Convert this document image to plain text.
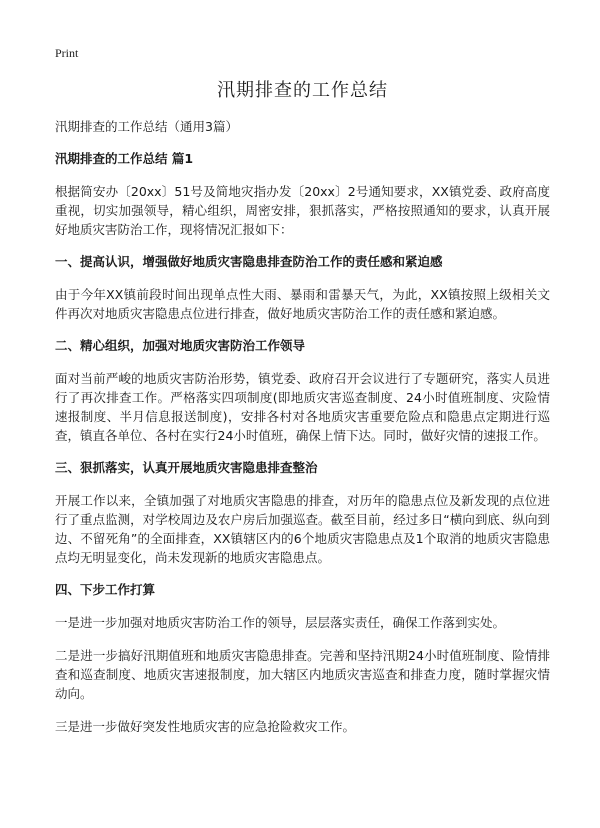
Print
汛期排查的工作总结

汛期排查的工作总结（通用3篇）

汛期排查的工作总结 篇1

根据简安办〔20xx〕51号及简地灾指办发〔20xx〕2号通知要求，XX镇党委、政府高度重视，切实加强领导，精心组织，周密安排，狠抓落实，严格按照通知的要求，认真开展好地质灾害防治工作，现将情况汇报如下：

一、提高认识，增强做好地质灾害隐患排查防治工作的责任感和紧迫感

由于今年XX镇前段时间出现单点性大雨、暴雨和雷暴天气，为此，XX镇按照上级相关文件再次对地质灾害隐患点位进行排查，做好地质灾害防治工作的责任感和紧迫感。

二、精心组织，加强对地质灾害防治工作领导

面对当前严峻的地质灾害防治形势，镇党委、政府召开会议进行了专题研究，落实人员进行了再次排查工作。严格落实四项制度(即地质灾害巡查制度、24小时值班制度、灾险情速报制度、半月信息报送制度)，安排各村对各地质灾害重要危险点和隐患点定期进行巡查，镇直各单位、各村在实行24小时值班，确保上情下达。同时，做好灾情的速报工作。

三、狠抓落实，认真开展地质灾害隐患排查整治

开展工作以来，全镇加强了对地质灾害隐患的排查，对历年的隐患点位及新发现的点位进行了重点监测，对学校周边及农户房后加强巡查。截至目前，经过多日“横向到底、纵向到边、不留死角”的全面排查，XX镇辖区内的6个地质灾害隐患点及1个取消的地质灾害隐患点均无明显变化，尚未发现新的地质灾害隐患点。

四、下步工作打算

一是进一步加强对地质灾害防治工作的领导，层层落实责任，确保工作落到实处。

二是进一步搞好汛期值班和地质灾害隐患排查。完善和坚持汛期24小时值班制度、险情排查和巡查制度、地质灾害速报制度，加大辖区内地质灾害巡查和排查力度，随时掌握灾情动向。

三是进一步做好突发性地质灾害的应急抢险救灾工作。
